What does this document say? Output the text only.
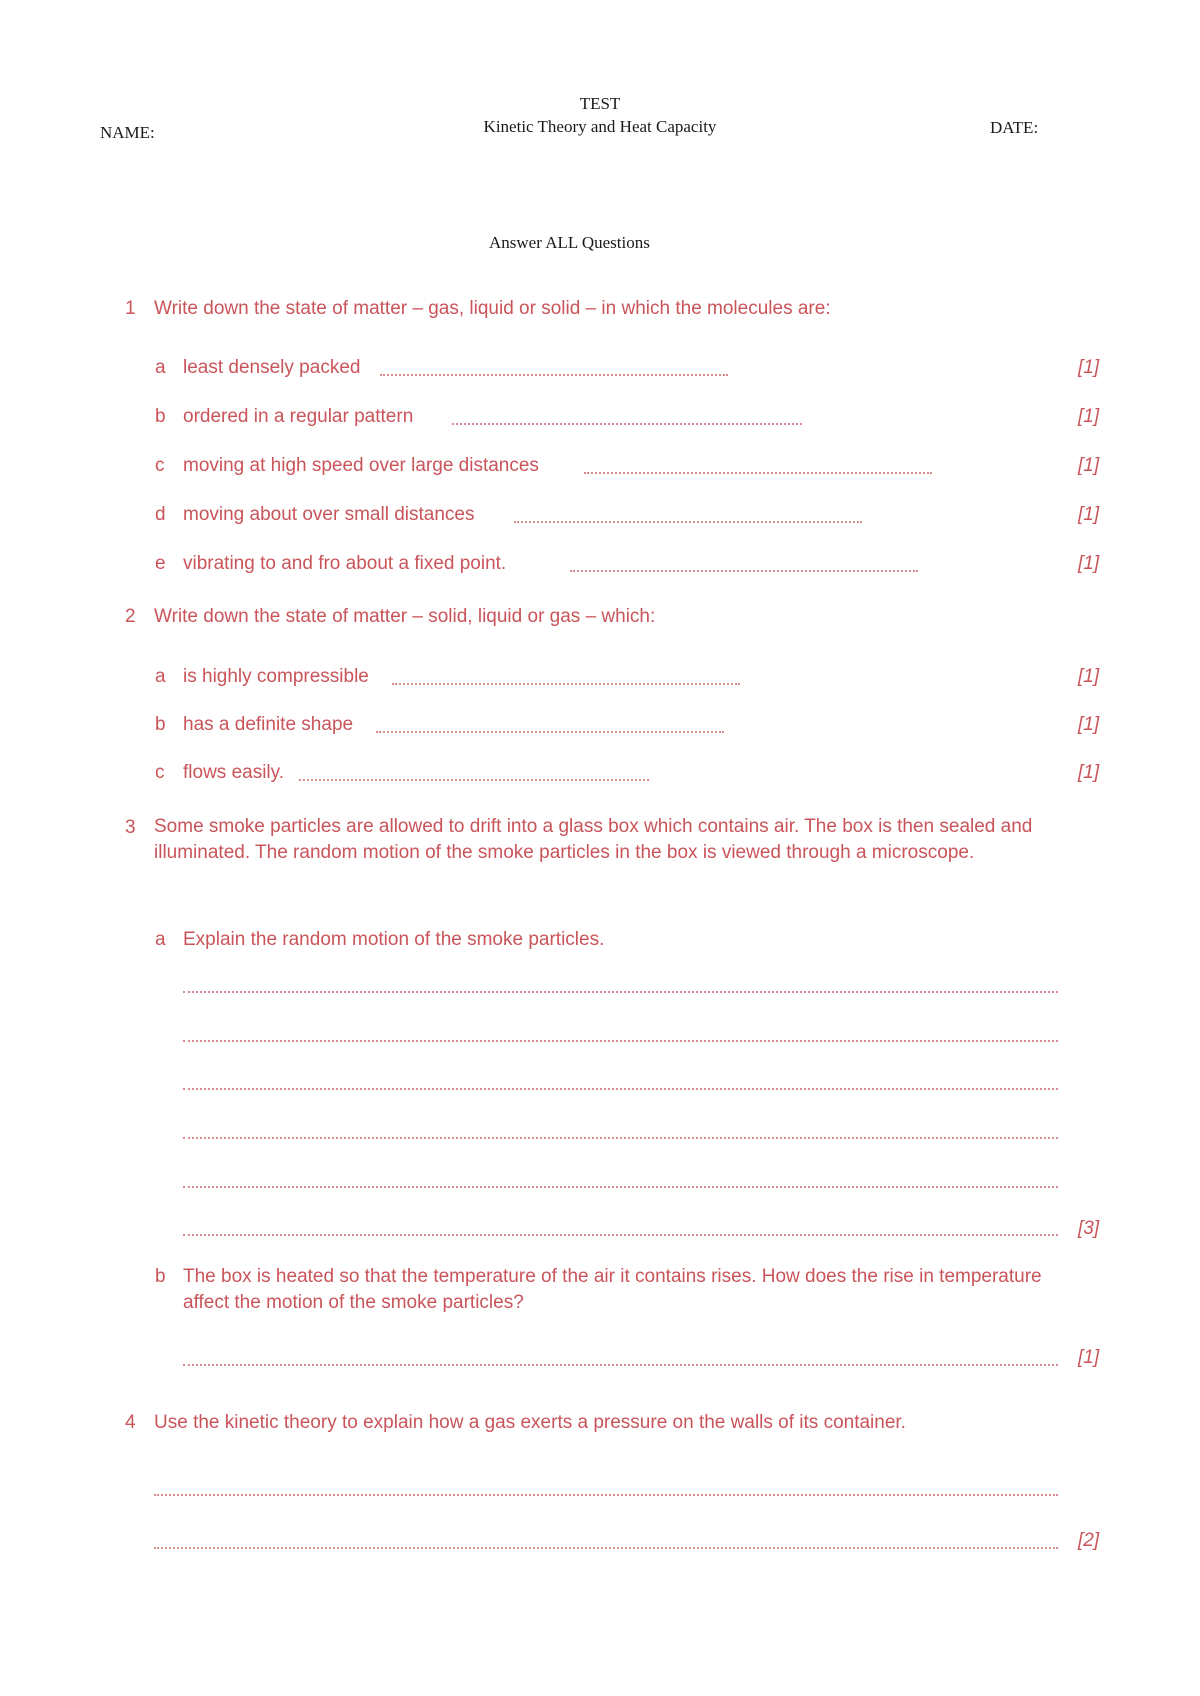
TEST
NAME:	Kinetic Theory and Heat Capacity	DATE:
Answer ALL Questions
1 Write down the state of matter – gas, liquid or solid – in which the molecules are:
a least densely packed	[1]
b ordered in a regular pattern	[1]
c moving at high speed over large distances	[1]
d moving about over small distances	[1]
e vibrating to and fro about a fixed point.	[1]
2 Write down the state of matter – solid, liquid or gas – which:
a is highly compressible	[1]
b has a definite shape	[1]
c flows easily.	[1]
3 Some smoke particles are allowed to drift into a glass box which contains air. The box is then sealed and illuminated. The random motion of the smoke particles in the box is viewed through a microscope.
a Explain the random motion of the smoke particles.
[3]
b The box is heated so that the temperature of the air it contains rises. How does the rise in temperature affect the motion of the smoke particles?
[1]
4 Use the kinetic theory to explain how a gas exerts a pressure on the walls of its container.
[2]
